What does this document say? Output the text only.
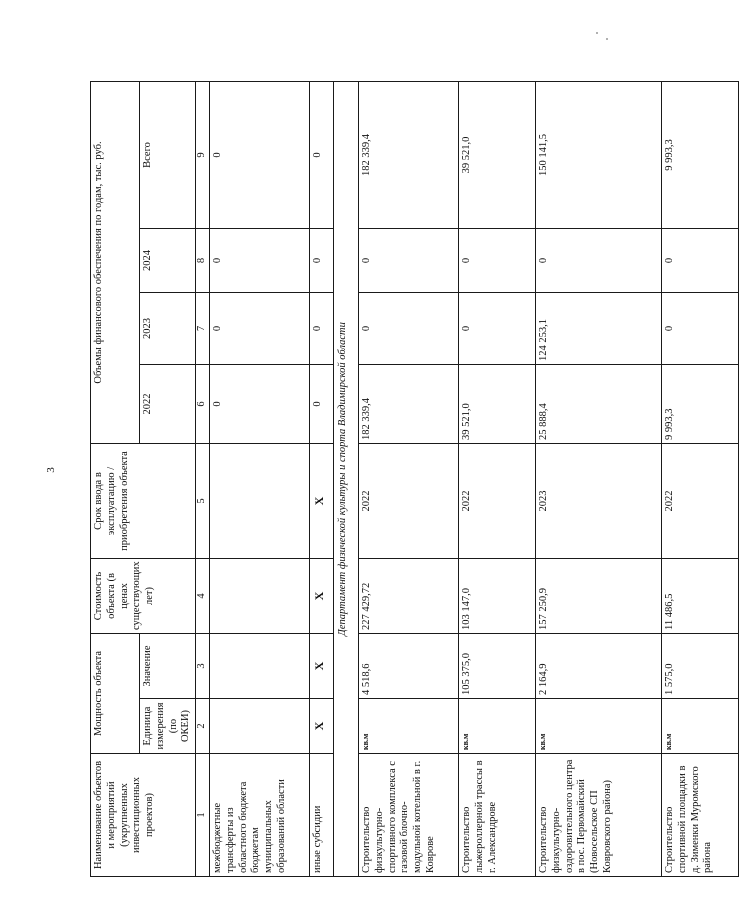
3
Наименование объектов и мероприятий (укрупненных инвестиционных проектов)	Мощность объекта		Стоимость объекта (в ценах существующих лет)	Срок ввода в эксплуатацию / приобретения объекта	Объемы финансового обеспечения по годам, тыс. руб.			
	Единица измерения (по ОКЕИ)	Значение			2022	2023	2024	Всего
1	2	3	4	5	6	7	8	9
межбюджетные трансферты из областного бюджета бюджетам муниципальных образований области					0	0	0	0
иные субсидии	X	X	X	X	0	0	0	0
Департамент физической культуры и спорта Владимирской области								
Строительство физкультурно-спортивного комплекса с газовой блочно-модульной котельной в г. Коврове	кв.м	4 518,6	227 429,72	2022	182 339,4	0	0	182 339,4
Строительство лыжероллерной трассы в г. Александрове	кв.м	105 375,0	103 147,0	2022	39 521,0	0	0	39 521,0
Строительство физкультурно-оздоровительного центра в пос. Первомайский (Новосельское СП Ковровского района)	кв.м	2 164,9	157 250,9	2023	25 888,4	124 253,1	0	150 141,5
Строительство спортивной площадки в д. Зименки Муромского района	кв.м	1 575,0	11 486,5	2022	9 993,3	0	0	9 993,3
